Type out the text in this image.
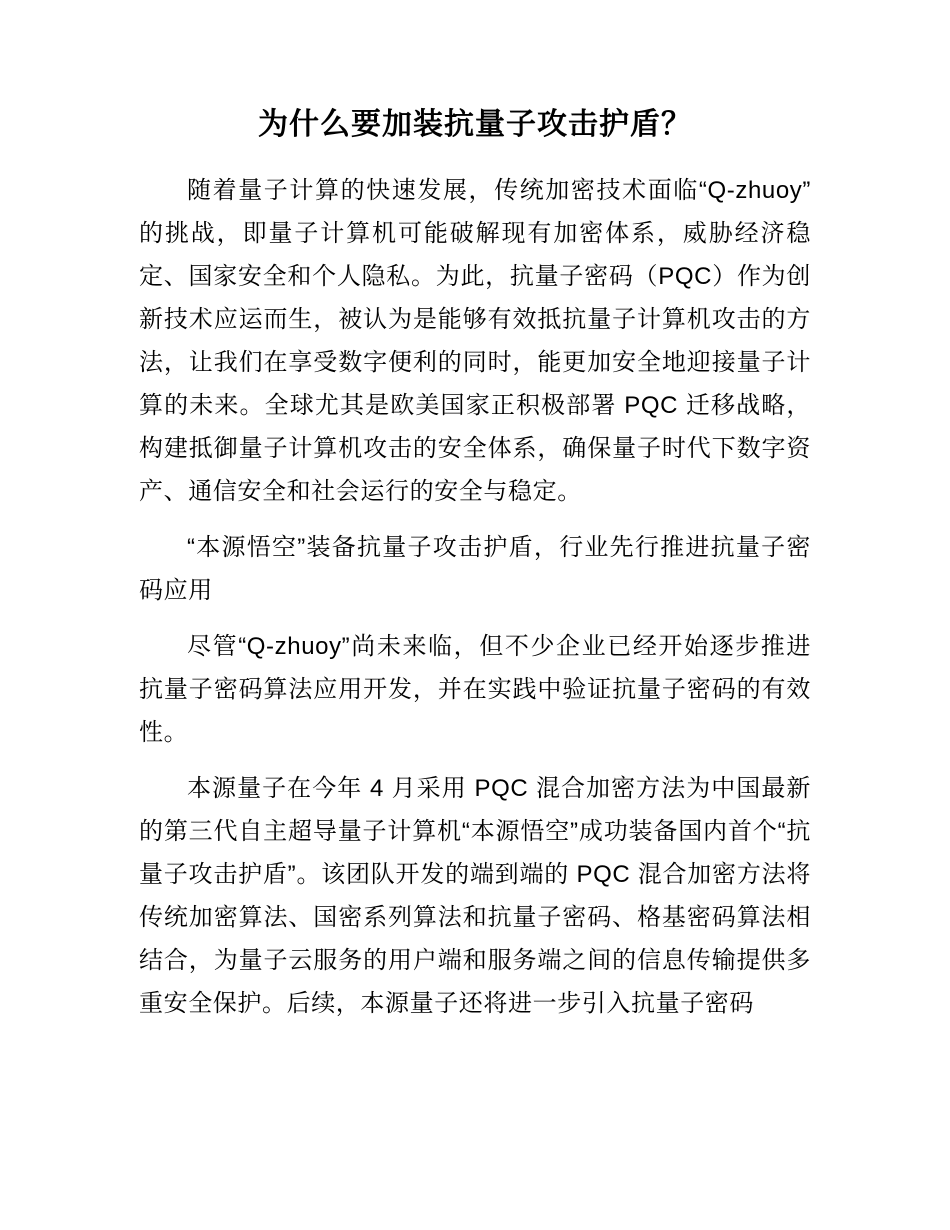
为什么要加装抗量子攻击护盾？

随着量子计算的快速发展，传统加密技术面临“Q-zhuoy”的挑战，即量子计算机可能破解现有加密体系，威胁经济稳定、国家安全和个人隐私。为此，抗量子密码（PQC）作为创新技术应运而生，被认为是能够有效抵抗量子计算机攻击的方法，让我们在享受数字便利的同时，能更加安全地迎接量子计算的未来。全球尤其是欧美国家正积极部署 PQC 迁移战略，构建抵御量子计算机攻击的安全体系，确保量子时代下数字资产、通信安全和社会运行的安全与稳定。

“本源悟空”装备抗量子攻击护盾，行业先行推进抗量子密码应用

尽管“Q-zhuoy”尚未来临，但不少企业已经开始逐步推进抗量子密码算法应用开发，并在实践中验证抗量子密码的有效性。

本源量子在今年 4 月采用 PQC 混合加密方法为中国最新的第三代自主超导量子计算机“本源悟空”成功装备国内首个“抗量子攻击护盾”。该团队开发的端到端的 PQC 混合加密方法将传统加密算法、国密系列算法和抗量子密码、格基密码算法相结合，为量子云服务的用户端和服务端之间的信息传输提供多重安全保护。后续，本源量子还将进一步引入抗量子密码
